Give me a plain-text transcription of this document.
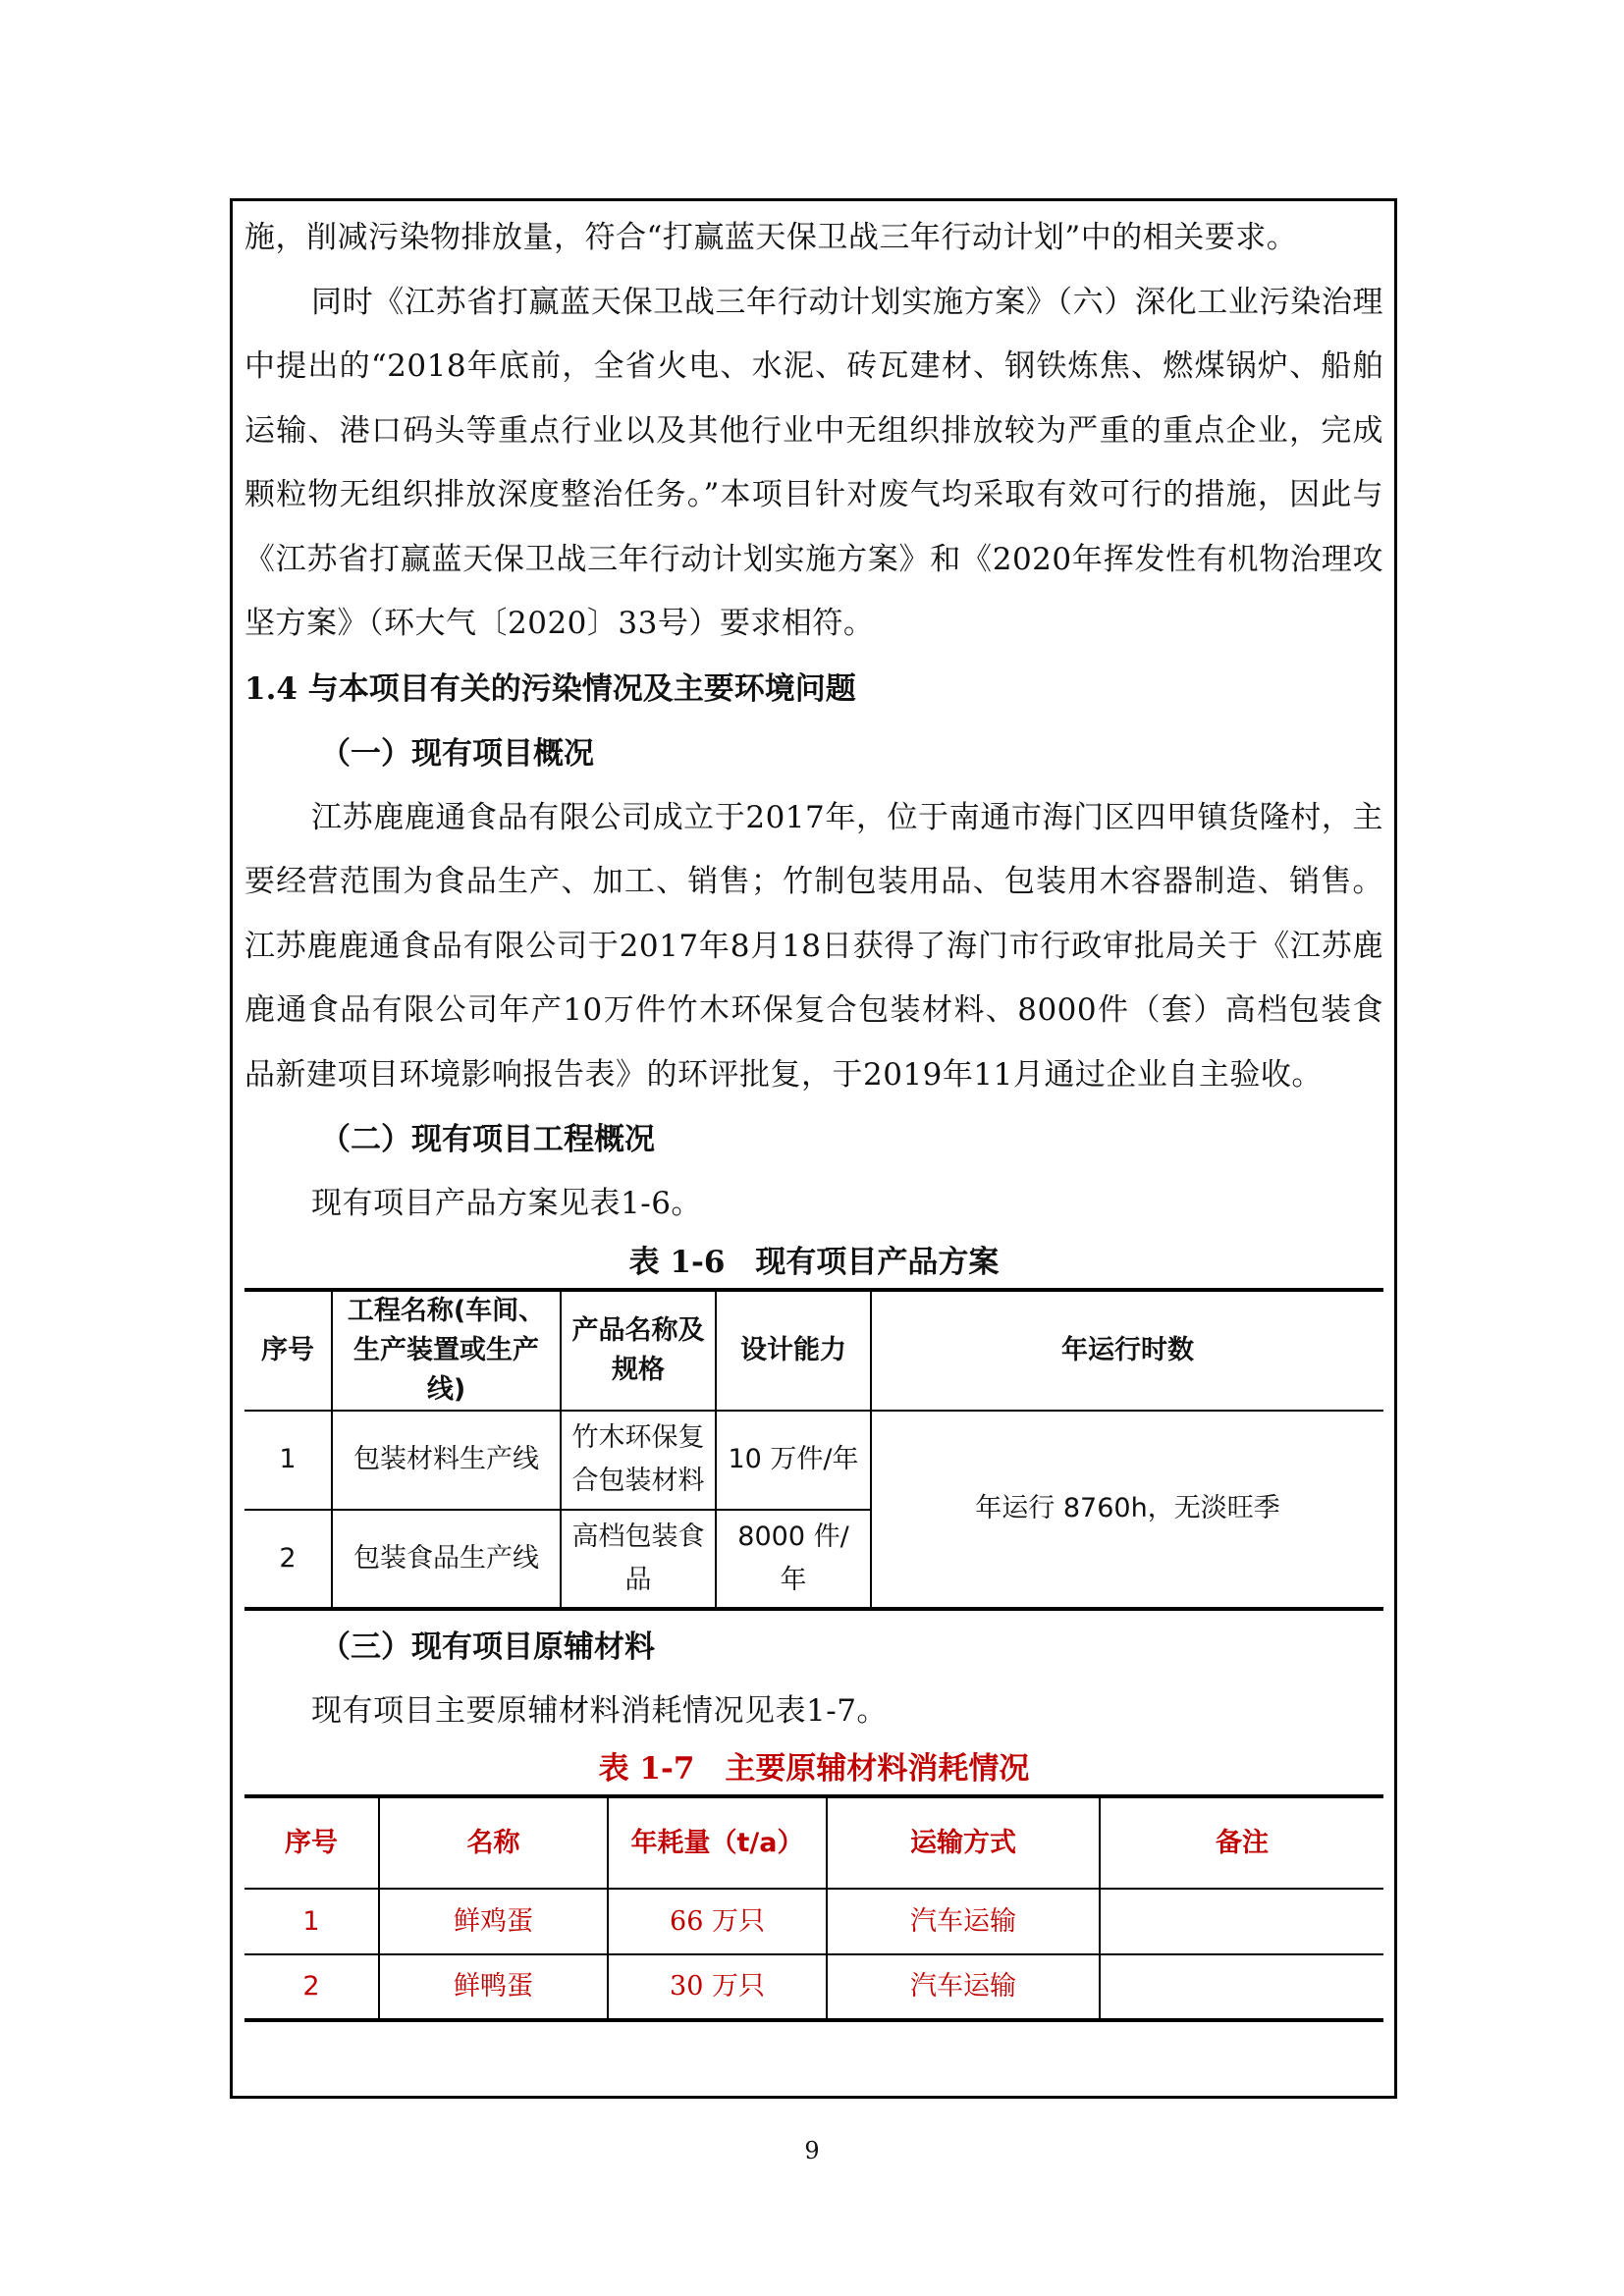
施，削减污染物排放量，符合“打赢蓝天保卫战三年行动计划”中的相关要求。

同时《江苏省打赢蓝天保卫战三年行动计划实施方案》（六）深化工业污染治理中提出的“2018年底前，全省火电、水泥、砖瓦建材、钢铁炼焦、燃煤锅炉、船舶运输、港口码头等重点行业以及其他行业中无组织排放较为严重的重点企业，完成颗粒物无组织排放深度整治任务。”本项目针对废气均采取有效可行的措施，因此与《江苏省打赢蓝天保卫战三年行动计划实施方案》和《2020年挥发性有机物治理攻坚方案》（环大气〔2020〕33号）要求相符。

1.4 与本项目有关的污染情况及主要环境问题

（一）现有项目概况

江苏鹿鹿通食品有限公司成立于2017年，位于南通市海门区四甲镇货隆村，主要经营范围为食品生产、加工、销售；竹制包装用品、包装用木容器制造、销售。江苏鹿鹿通食品有限公司于2017年8月18日获得了海门市行政审批局关于《江苏鹿鹿通食品有限公司年产10万件竹木环保复合包装材料、8000件（套）高档包装食品新建项目环境影响报告表》的环评批复，于2019年11月通过企业自主验收。

（二）现有项目工程概况

现有项目产品方案见表1-6。

表 1-6　现有项目产品方案

序号	工程名称(车间、生产装置或生产线)	产品名称及规格	设计能力	年运行时数
1	包装材料生产线	竹木环保复合包装材料	10 万件/年	年运行 8760h，无淡旺季
2	包装食品生产线	高档包装食品	8000 件/年	

（三）现有项目原辅材料

现有项目主要原辅材料消耗情况见表1-7。

表 1-7　主要原辅材料消耗情况

序号	名称	年耗量（t/a）	运输方式	备注
1	鲜鸡蛋	66 万只	汽车运输	
2	鲜鸭蛋	30 万只	汽车运输	
9
